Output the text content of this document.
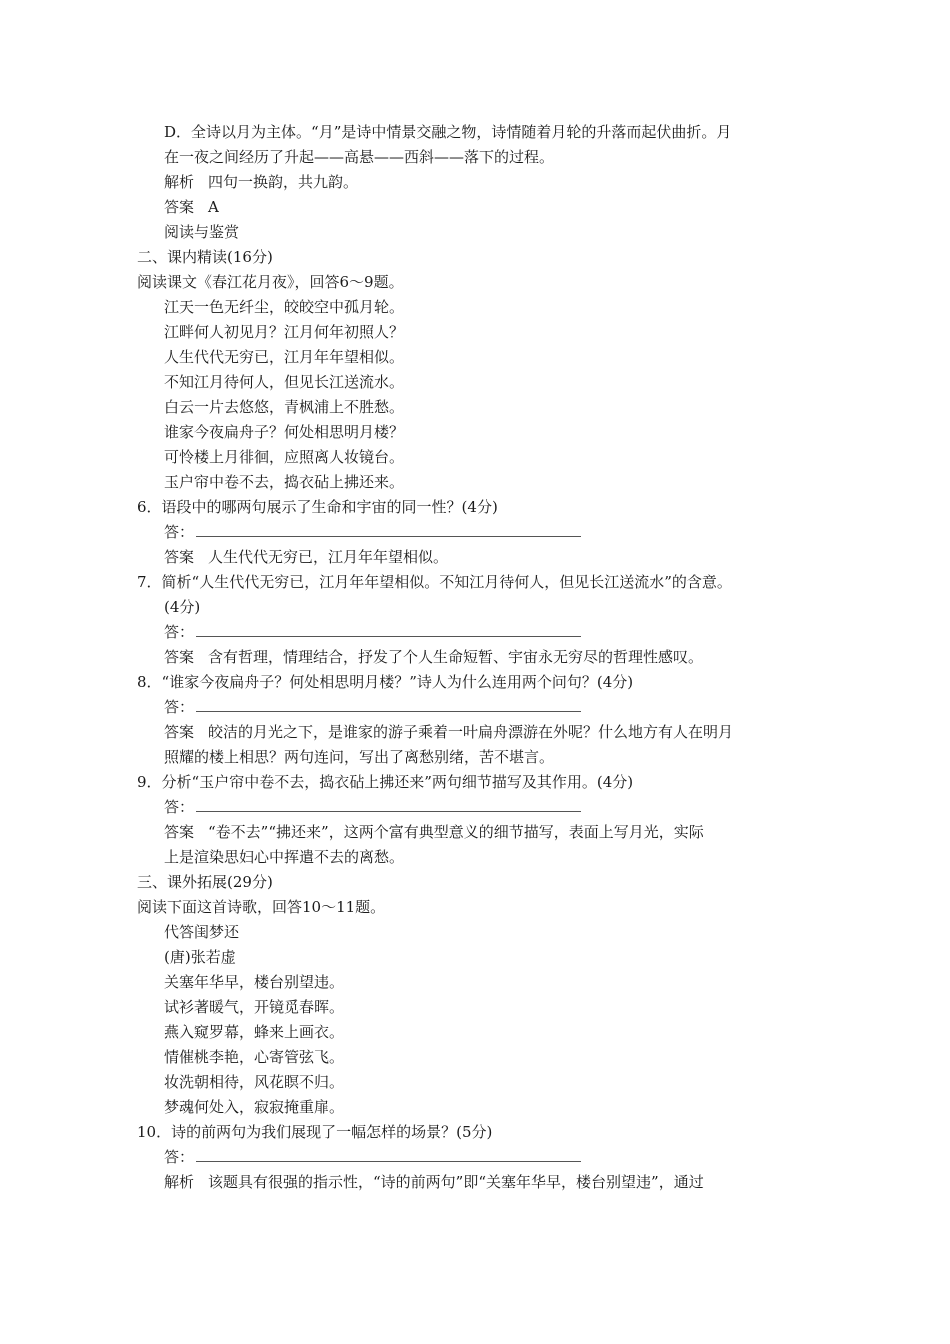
D．全诗以月为主体。“月”是诗中情景交融之物，诗情随着月轮的升落而起伏曲折。月
在一夜之间经历了升起——高悬——西斜——落下的过程。
解析 四句一换韵，共九韵。
答案 A
阅读与鉴赏
二、课内精读(16分)
阅读课文《春江花月夜》，回答6～9题。
江天一色无纤尘，皎皎空中孤月轮。
江畔何人初见月？江月何年初照人？
人生代代无穷已，江月年年望相似。
不知江月待何人，但见长江送流水。
白云一片去悠悠，青枫浦上不胜愁。
谁家今夜扁舟子？何处相思明月楼？
可怜楼上月徘徊，应照离人妆镜台。
玉户帘中卷不去，捣衣砧上拂还来。
6．语段中的哪两句展示了生命和宇宙的同一性？(4分)
答：
答案 人生代代无穷已，江月年年望相似。
7．简析“人生代代无穷已，江月年年望相似。不知江月待何人，但见长江送流水”的含意。
(4分)
答：
答案 含有哲理，情理结合，抒发了个人生命短暂、宇宙永无穷尽的哲理性感叹。
8．“谁家今夜扁舟子？何处相思明月楼？”诗人为什么连用两个问句？(4分)
答：
答案 皎洁的月光之下，是谁家的游子乘着一叶扁舟漂游在外呢？什么地方有人在明月
照耀的楼上相思？两句连问，写出了离愁别绪，苦不堪言。
9．分析“玉户帘中卷不去，捣衣砧上拂还来”两句细节描写及其作用。(4分)
答：
答案 “卷不去”“拂还来”，这两个富有典型意义的细节描写，表面上写月光，实际
上是渲染思妇心中挥遣不去的离愁。
三、课外拓展(29分)
阅读下面这首诗歌，回答10～11题。
代答闺梦还
(唐)张若虚
关塞年华早，楼台别望违。
试衫著暖气，开镜觅春晖。
燕入窥罗幕，蜂来上画衣。
情催桃李艳，心寄管弦飞。
妆洗朝相待，风花瞑不归。
梦魂何处入，寂寂掩重扉。
10．诗的前两句为我们展现了一幅怎样的场景？(5分)
答：
解析 该题具有很强的指示性，“诗的前两句”即“关塞年华早，楼台别望违”，通过
